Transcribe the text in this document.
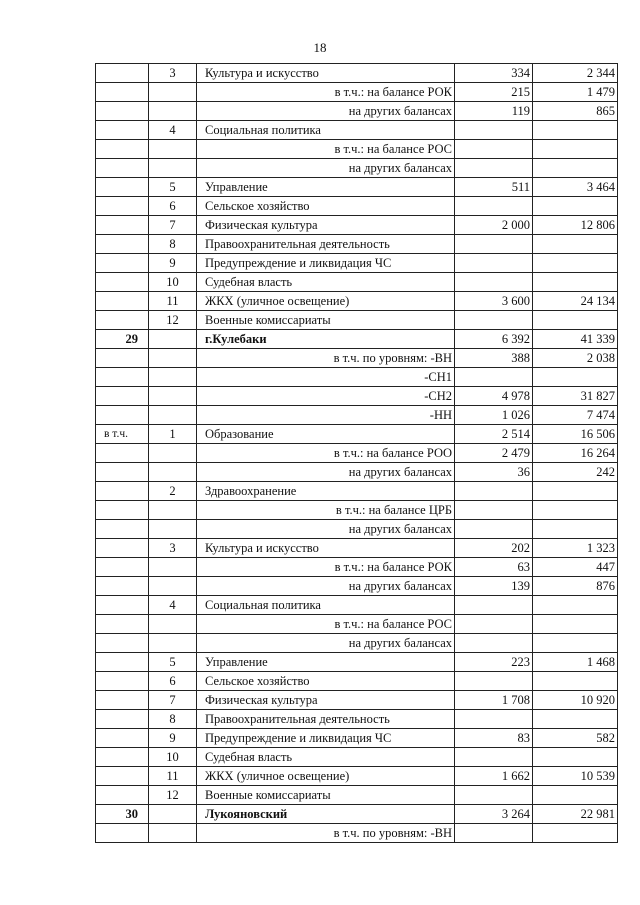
18
	3	Культура и искусство	334	2 344
		в т.ч.: на балансе РОК	215	1 479
		на других балансах	119	865
	4	Социальная политика		
		в т.ч.: на балансе РОС		
		на других балансах		
	5	Управление	511	3 464
	6	Сельское хозяйство		
	7	Физическая культура	2 000	12 806
	8	Правоохранительная деятельность		
	9	Предупреждение и ликвидация ЧС		
	10	Судебная власть		
	11	ЖКХ (уличное освещение)	3 600	24 134
	12	Военные комиссариаты		
29		г.Кулебаки	6 392	41 339
		в т.ч. по уровням: -ВН	388	2 038
		-СН1		
		-СН2	4 978	31 827
		-НН	1 026	7 474
в т.ч.	1	Образование	2 514	16 506
		в т.ч.: на балансе РОО	2 479	16 264
		на других балансах	36	242
	2	Здравоохранение		
		в т.ч.: на балансе ЦРБ		
		на других балансах		
	3	Культура и искусство	202	1 323
		в т.ч.: на балансе РОК	63	447
		на других балансах	139	876
	4	Социальная политика		
		в т.ч.: на балансе РОС		
		на других балансах		
	5	Управление	223	1 468
	6	Сельское хозяйство		
	7	Физическая культура	1 708	10 920
	8	Правоохранительная деятельность		
	9	Предупреждение и ликвидация ЧС	83	582
	10	Судебная власть		
	11	ЖКХ (уличное освещение)	1 662	10 539
	12	Военные комиссариаты		
30		Лукояновский	3 264	22 981
		в т.ч. по уровням: -ВН		
